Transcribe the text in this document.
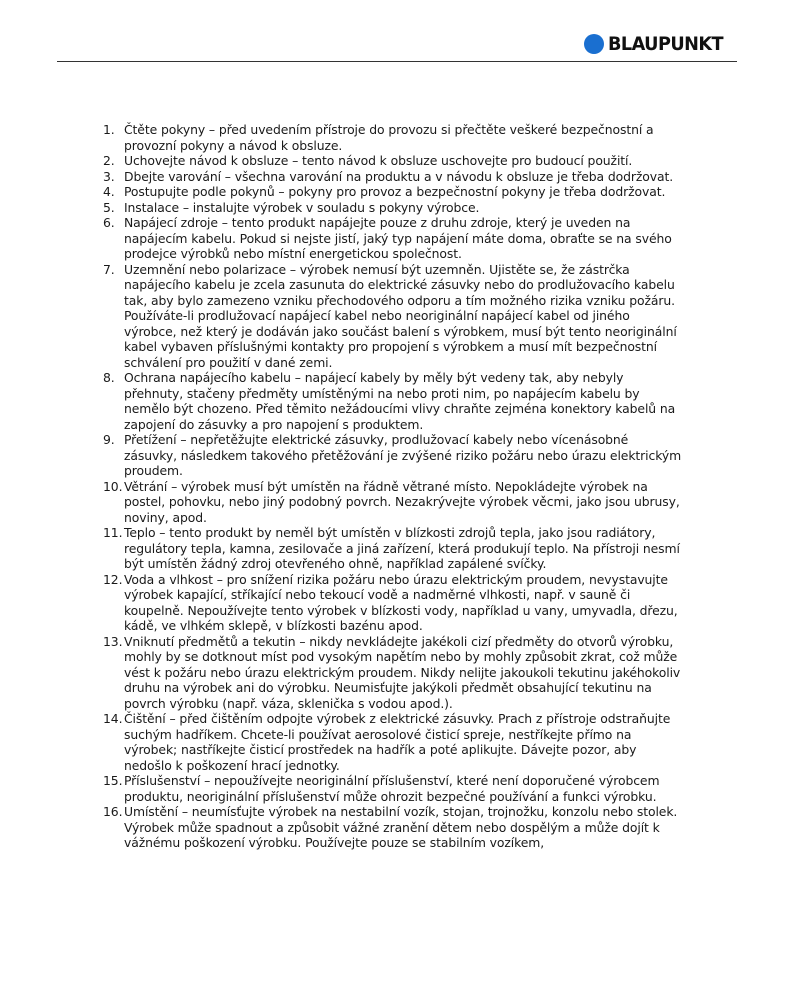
BLAUPUNKT
1. Čtěte pokyny – před uvedením přístroje do provozu si přečtěte veškeré bezpečnostní a provozní pokyny a návod k obsluze.
2. Uchovejte návod k obsluze – tento návod k obsluze uschovejte pro budoucí použití.
3. Dbejte varování – všechna varování na produktu a v návodu k obsluze je třeba dodržovat.
4. Postupujte podle pokynů – pokyny pro provoz a bezpečnostní pokyny je třeba dodržovat.
5. Instalace – instalujte výrobek v souladu s pokyny výrobce.
6. Napájecí zdroje – tento produkt napájejte pouze z druhu zdroje, který je uveden na napájecím kabelu. Pokud si nejste jistí, jaký typ napájení máte doma, obraťte se na svého prodejce výrobků nebo místní energetickou společnost.
7. Uzemnění nebo polarizace – výrobek nemusí být uzemněn. Ujistěte se, že zástrčka napájecího kabelu je zcela zasunuta do elektrické zásuvky nebo do prodlužovacího kabelu tak, aby bylo zamezeno vzniku přechodového odporu a tím možného rizika vzniku požáru. Používáte-li prodlužovací napájecí kabel nebo neoriginální napájecí kabel od jiného výrobce, než který je dodáván jako součást balení s výrobkem, musí být tento neoriginální kabel vybaven příslušnými kontakty pro propojení s výrobkem a musí mít bezpečnostní schválení pro použití v dané zemi.
8. Ochrana napájecího kabelu – napájecí kabely by měly být vedeny tak, aby nebyly přehnuty, stačeny předměty umístěnými na nebo proti nim, po napájecím kabelu by nemělo být chozeno. Před těmito nežádoucími vlivy chraňte zejména konektory kabelů na zapojení do zásuvky a pro napojení s produktem.
9. Přetížení – nepřetěžujte elektrické zásuvky, prodlužovací kabely nebo vícenásobné zásuvky, následkem takového přetěžování je zvýšené riziko požáru nebo úrazu elektrickým proudem.
10. Větrání – výrobek musí být umístěn na řádně větrané místo. Nepokládejte výrobek na postel, pohovku, nebo jiný podobný povrch. Nezakrývejte výrobek věcmi, jako jsou ubrusy, noviny, apod.
11. Teplo – tento produkt by neměl být umístěn v blízkosti zdrojů tepla, jako jsou radiátory, regulátory tepla, kamna, zesilovače a jiná zařízení, která produkují teplo. Na přístroji nesmí být umístěn žádný zdroj otevřeného ohně, například zapálené svíčky.
12. Voda a vlhkost – pro snížení rizika požáru nebo úrazu elektrickým proudem, nevystavujte výrobek kapající, stříkající nebo tekoucí vodě a nadměrné vlhkosti, např. v sauně či koupelně. Nepoužívejte tento výrobek v blízkosti vody, například u vany, umyvadla, dřezu, kádě, ve vlhkém sklepě, v blízkosti bazénu apod.
13. Vniknutí předmětů a tekutin – nikdy nevkládejte jakékoli cizí předměty do otvorů výrobku, mohly by se dotknout míst pod vysokým napětím nebo by mohly způsobit zkrat, což může vést k požáru nebo úrazu elektrickým proudem. Nikdy nelijte jakoukoli tekutinu jakéhokoliv druhu na výrobek ani do výrobku. Neumisťujte jakýkoli předmět obsahující tekutinu na povrch výrobku (např. váza, sklenička s vodou apod.).
14. Čištění – před čištěním odpojte výrobek z elektrické zásuvky. Prach z přístroje odstraňujte suchým hadříkem. Chcete-li používat aerosolové čisticí spreje, nestříkejte přímo na výrobek; nastříkejte čisticí prostředek na hadřík a poté aplikujte. Dávejte pozor, aby nedošlo k poškození hrací jednotky.
15. Příslušenství – nepoužívejte neoriginální příslušenství, které není doporučené výrobcem produktu, neoriginální příslušenství může ohrozit bezpečné používání a funkci výrobku.
16. Umístění – neumísťujte výrobek na nestabilní vozík, stojan, trojnožku, konzolu nebo stolek. Výrobek může spadnout a způsobit vážné zranění dětem nebo dospělým a může dojít k vážnému poškození výrobku. Používejte pouze se stabilním vozíkem,
